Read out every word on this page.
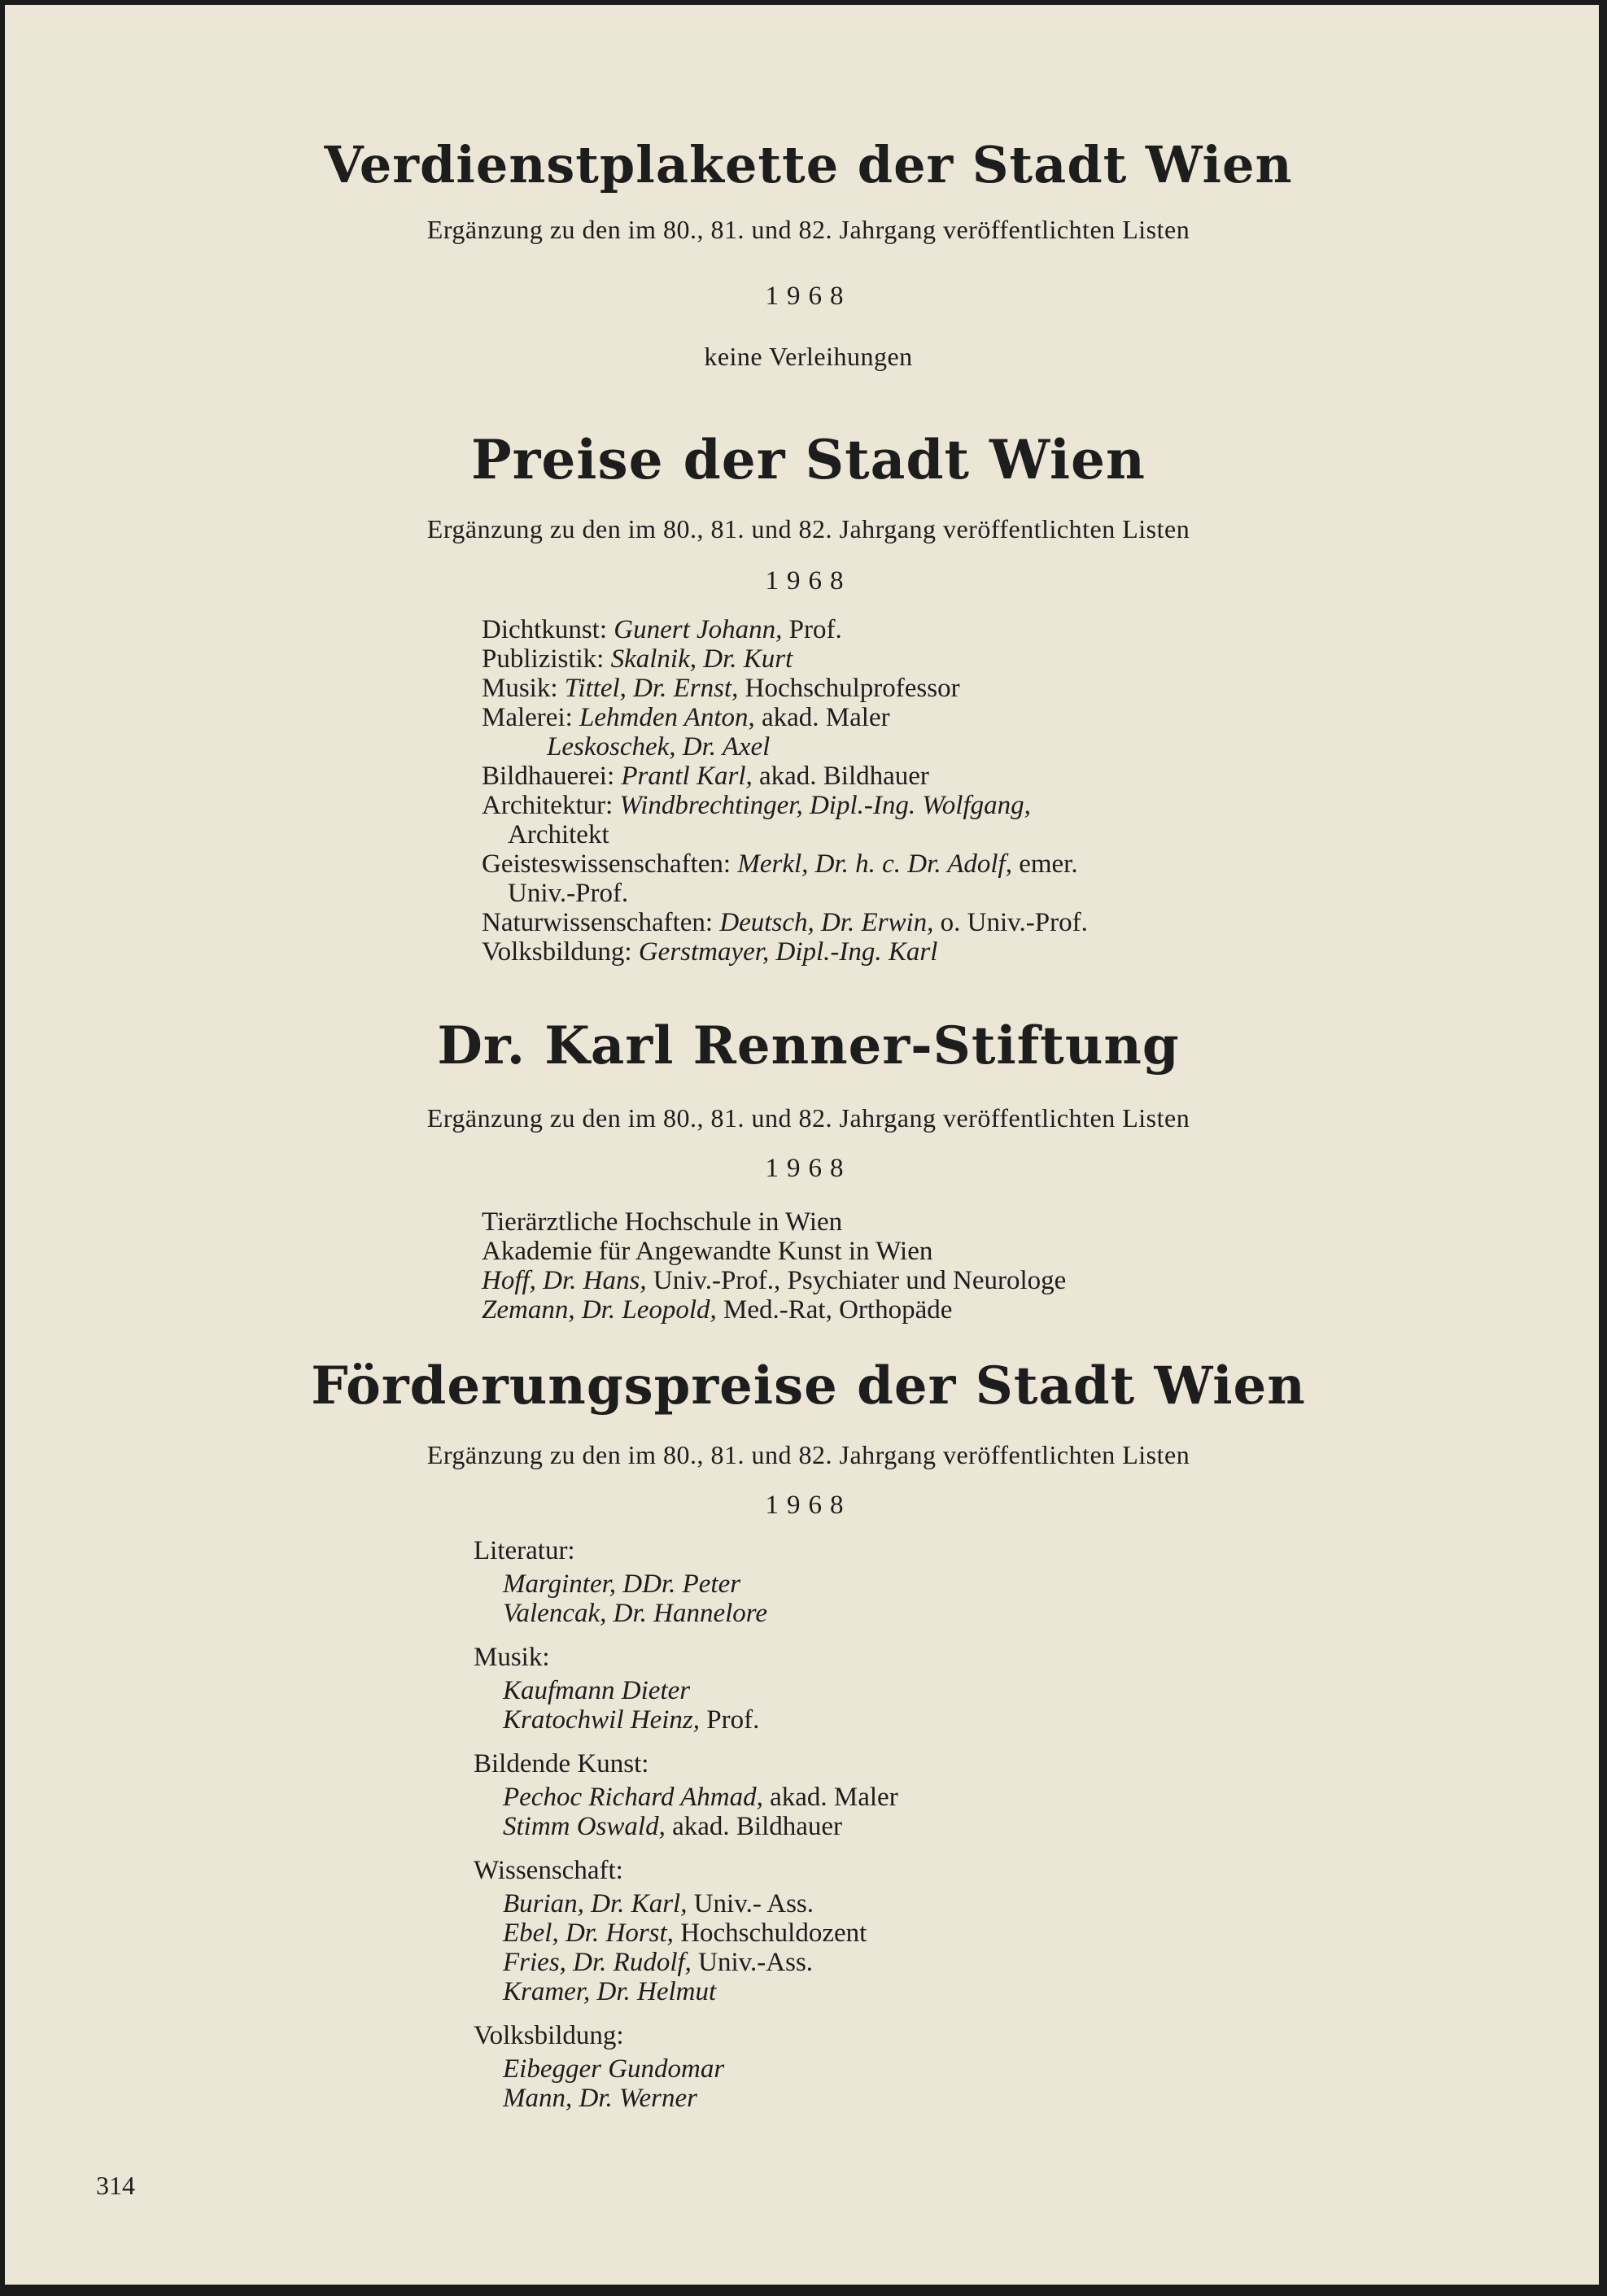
Verdienstplakette der Stadt Wien
Ergänzung zu den im 80., 81. und 82. Jahrgang veröffentlichten Listen
1968
keine Verleihungen
Preise der Stadt Wien
Ergänzung zu den im 80., 81. und 82. Jahrgang veröffentlichten Listen
1968
Dichtkunst: Gunert Johann, Prof.
Publizistik: Skalnik, Dr. Kurt
Musik: Tittel, Dr. Ernst, Hochschulprofessor
Malerei: Lehmden Anton, akad. Maler
Leskoschek, Dr. Axel
Bildhauerei: Prantl Karl, akad. Bildhauer
Architektur: Windbrechtinger, Dipl.-Ing. Wolfgang,
Architekt
Geisteswissenschaften: Merkl, Dr. h. c. Dr. Adolf, emer.
Univ.-Prof.
Naturwissenschaften: Deutsch, Dr. Erwin, o. Univ.-Prof.
Volksbildung: Gerstmayer, Dipl.-Ing. Karl
Dr. Karl Renner-Stiftung
Ergänzung zu den im 80., 81. und 82. Jahrgang veröffentlichten Listen
1968
Tierärztliche Hochschule in Wien
Akademie für Angewandte Kunst in Wien
Hoff, Dr. Hans, Univ.-Prof., Psychiater und Neurologe
Zemann, Dr. Leopold, Med.-Rat, Orthopäde
Förderungspreise der Stadt Wien
Ergänzung zu den im 80., 81. und 82. Jahrgang veröffentlichten Listen
1968
Literatur:
Marginter, DDr. Peter
Valencak, Dr. Hannelore
Musik:
Kaufmann Dieter
Kratochwil Heinz, Prof.
Bildende Kunst:
Pechoc Richard Ahmad, akad. Maler
Stimm Oswald, akad. Bildhauer
Wissenschaft:
Burian, Dr. Karl, Univ.- Ass.
Ebel, Dr. Horst, Hochschuldozent
Fries, Dr. Rudolf, Univ.-Ass.
Kramer, Dr. Helmut
Volksbildung:
Eibegger Gundomar
Mann, Dr. Werner
314
